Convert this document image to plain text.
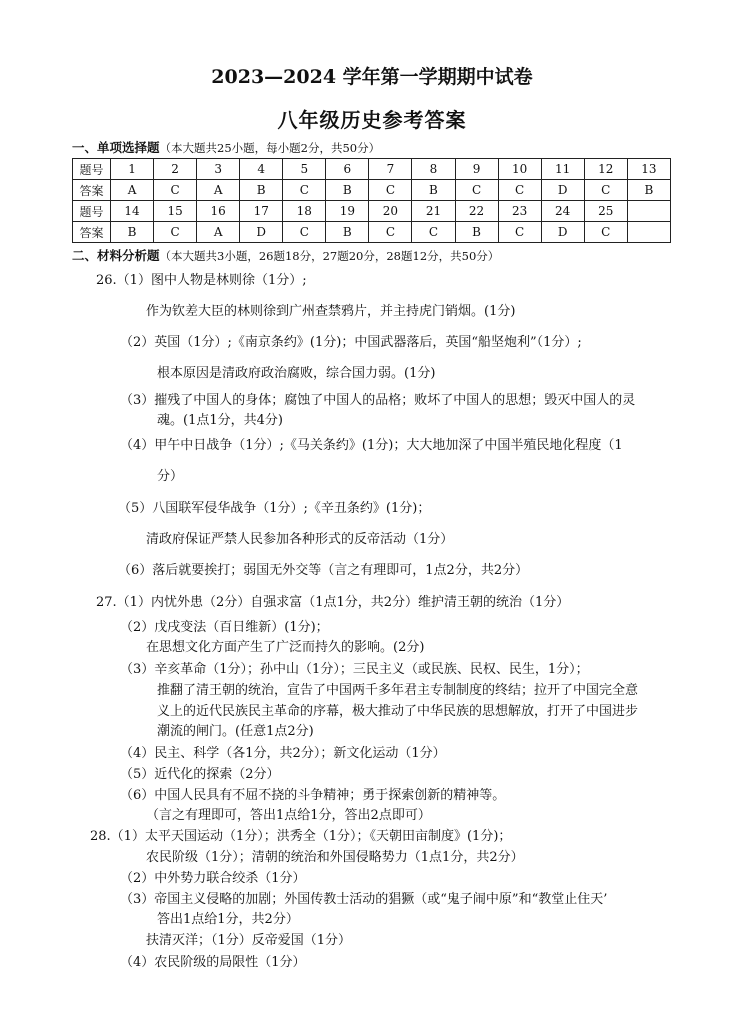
2023—2024 学年第一学期期中试卷
八年级历史参考答案
一、单项选择题（本大题共25小题，每小题2分，共50分）
题号	1	2	3	4	5	6	7	8	9	10	11	12	13
答案	A	C	A	B	C	B	C	B	C	C	D	C	B
题号	14	15	16	17	18	19	20	21	22	23	24	25	
答案	B	C	A	D	C	B	C	C	B	C	D	C	
二、材料分析题（本大题共3小题，26题18分，27题20分，28题12分，共50分）
26.（1）图中人物是林则徐（1分）;
作为钦差大臣的林则徐到广州查禁鸦片，并主持虎门销烟。(1分)
（2）英国（1分）;《南京条约》(1分)；中国武器落后，英国“船坚炮利”（1分）;
根本原因是清政府政治腐败，综合国力弱。(1分)
（3）摧残了中国人的身体；腐蚀了中国人的品格；败坏了中国人的思想；毁灭中国人的灵
魂。(1点1分，共4分)
（4）甲午中日战争（1分）;《马关条约》(1分)；大大地加深了中国半殖民地化程度（1
分）
（5）八国联军侵华战争（1分）;《辛丑条约》(1分)；
清政府保证严禁人民参加各种形式的反帝活动（1分）
（6）落后就要挨打；弱国无外交等（言之有理即可，1点2分，共2分）
27.（1）内忧外患（2分）自强求富（1点1分，共2分）维护清王朝的统治（1分）
（2）戊戌变法（百日维新）(1分)；
在思想文化方面产生了广泛而持久的影响。(2分)
（3）辛亥革命（1分）；孙中山（1分）；三民主义（或民族、民权、民生，1分）；
推翻了清王朝的统治，宣告了中国两千多年君主专制制度的终结；拉开了中国完全意
义上的近代民族民主革命的序幕，极大推动了中华民族的思想解放，打开了中国进步
潮流的闸门。(任意1点2分)
（4）民主、科学（各1分，共2分）；新文化运动（1分）
（5）近代化的探索（2分）
（6）中国人民具有不屈不挠的斗争精神；勇于探索创新的精神等。
（言之有理即可，答出1点给1分，答出2点即可）
28.（1）太平天国运动（1分）；洪秀全（1分）；《天朝田亩制度》(1分)；
农民阶级（1分）；清朝的统治和外国侵略势力（1点1分，共2分）
（2）中外势力联合绞杀（1分）
（3）帝国主义侵略的加剧；外国传教士活动的猖獗（或“鬼子闹中原”和“教堂止住天’
答出1点给1分，共2分）
扶清灭洋；（1分）反帝爱国（1分）
（4）农民阶级的局限性（1分）
